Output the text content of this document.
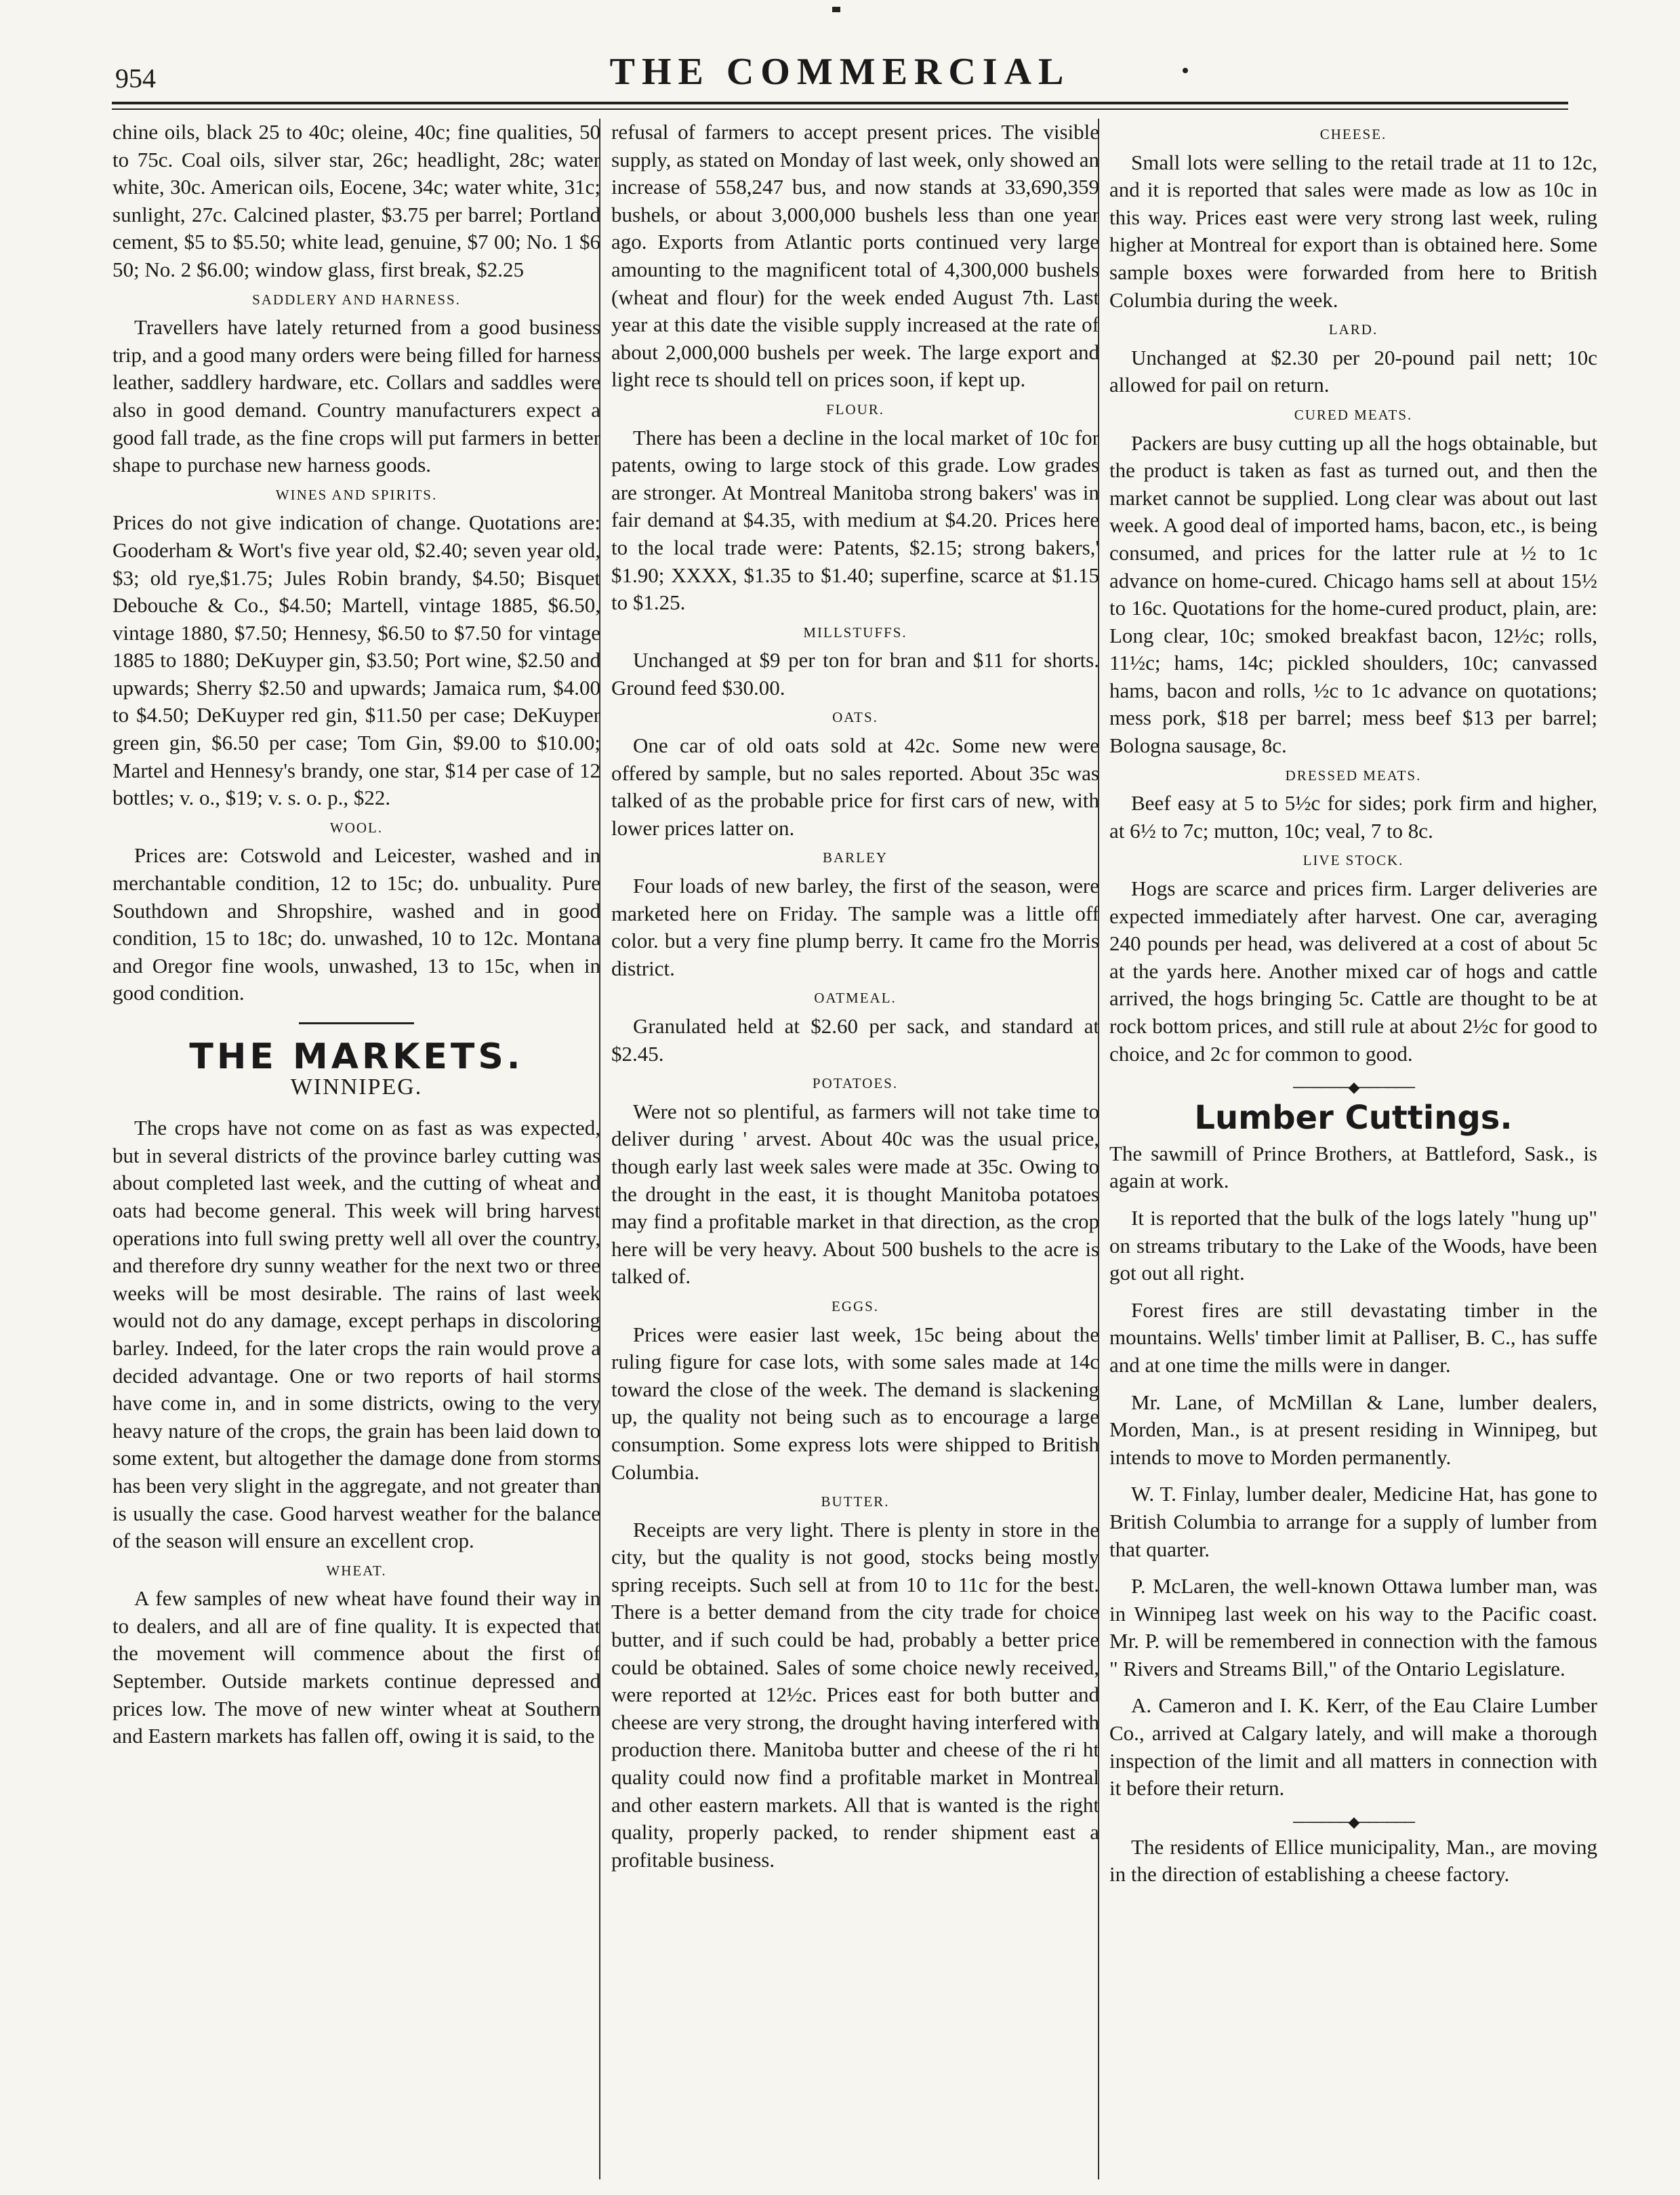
954	THE COMMERCIAL

chine oils, black 25 to 40c; oleine, 40c; fine qualities, 50 to 75c. Coal oils, silver star, 26c; headlight, 28c; water white, 30c. American oils, Eocene, 34c; water white, 31c; sunlight, 27c. Calcined plaster, $3.75 per barrel; Portland cement, $5 to $5.50; white lead, genuine, $7 00; No. 1 $6 50; No. 2 $6.00; window glass, first break, $2.25

SADDLERY AND HARNESS.

Travellers have lately returned from a good business trip, and a good many orders were being filled for harness leather, saddlery hardware, etc. Collars and saddles were also in good demand. Country manufacturers expect a good fall trade, as the fine crops will put farmers in better shape to purchase new harness goods.

WINES AND SPIRITS.

Prices do not give indication of change. Quotations are: Gooderham & Wort's five year old, $2.40; seven year old, $3; old rye,$1.75; Jules Robin brandy, $4.50; Bisquet Debouche & Co., $4.50; Martell, vintage 1885, $6.50, vintage 1880, $7.50; Hennesy, $6.50 to $7.50 for vintage 1885 to 1880; DeKuyper gin, $3.50; Port wine, $2.50 and upwards; Sherry $2.50 and upwards; Jamaica rum, $4.00 to $4.50; DeKuyper red gin, $11.50 per case; DeKuyper green gin, $6.50 per case; Tom Gin, $9.00 to $10.00; Martel and Hennesy's brandy, one star, $14 per case of 12 bottles; v. o., $19; v. s. o. p., $22.

WOOL.

Prices are: Cotswold and Leicester, washed and in merchantable condition, 12 to 15c; do. unbuality. Pure Southdown and Shropshire, washed and in good condition, 15 to 18c; do. unwashed, 10 to 12c. Montana and Oregor fine wools, unwashed, 13 to 15c, when in good condition.

THE MARKETS.
WINNIPEG.

The crops have not come on as fast as was expected, but in several districts of the province barley cutting was about completed last week, and the cutting of wheat and oats had become general. This week will bring harvest operations into full swing pretty well all over the country, and therefore dry sunny weather for the next two or three weeks will be most desirable. The rains of last week would not do any damage, except perhaps in discoloring barley. Indeed, for the later crops the rain would prove a decided advantage. One or two reports of hail storms have come in, and in some districts, owing to the very heavy nature of the crops, the grain has been laid down to some extent, but altogether the damage done from storms has been very slight in the aggregate, and not greater than is usually the case. Good harvest weather for the balance of the season will ensure an excellent crop.

WHEAT.

A few samples of new wheat have found their way in to dealers, and all are of fine quality. It is expected that the movement will commence about the first of September. Outside markets continue depressed and prices low. The move of new winter wheat at Southern and Eastern markets has fallen off, owing it is said, to the

refusal of farmers to accept present prices. The visible supply, as stated on Monday of last week, only showed an increase of 558,247 bus, and now stands at 33,690,359 bushels, or about 3,000,000 bushels less than one year ago. Exports from Atlantic ports continued very large amounting to the magnificent total of 4,300,000 bushels (wheat and flour) for the week ended August 7th. Last year at this date the visible supply increased at the rate of about 2,000,000 bushels per week. The large export and light rece ts should tell on prices soon, if kept up.

FLOUR.

There has been a decline in the local market of 10c for patents, owing to large stock of this grade. Low grades are stronger. At Montreal Manitoba strong bakers' was in fair demand at $4.35, with medium at $4.20. Prices here to the local trade were: Patents, $2.15; strong bakers,' $1.90; XXXX, $1.35 to $1.40; superfine, scarce at $1.15 to $1.25.

MILLSTUFFS.

Unchanged at $9 per ton for bran and $11 for shorts. Ground feed $30.00.

OATS.

One car of old oats sold at 42c. Some new were offered by sample, but no sales reported. About 35c was talked of as the probable price for first cars of new, with lower prices latter on.

BARLEY

Four loads of new barley, the first of the season, were marketed here on Friday. The sample was a little off color. but a very fine plump berry. It came fro the Morris district.

OATMEAL.

Granulated held at $2.60 per sack, and standard at $2.45.

POTATOES.

Were not so plentiful, as farmers will not take time to deliver during ' arvest. About 40c was the usual price, though early last week sales were made at 35c. Owing to the drought in the east, it is thought Manitoba potatoes may find a profitable market in that direction, as the crop here will be very heavy. About 500 bushels to the acre is talked of.

EGGS.

Prices were easier last week, 15c being about the ruling figure for case lots, with some sales made at 14c toward the close of the week. The demand is slackening up, the quality not being such as to encourage a large consumption. Some express lots were shipped to British Columbia.

BUTTER.

Receipts are very light. There is plenty in store in the city, but the quality is not good, stocks being mostly spring receipts. Such sell at from 10 to 11c for the best. There is a better demand from the city trade for choice butter, and if such could be had, probably a better price could be obtained. Sales of some choice newly received, were reported at 12½c. Prices east for both butter and cheese are very strong, the drought having interfered with production there. Manitoba butter and cheese of the ri ht quality could now find a profitable market in Montreal and other eastern markets. All that is wanted is the right quality, properly packed, to render shipment east a profitable business.

CHEESE.

Small lots were selling to the retail trade at 11 to 12c, and it is reported that sales were made as low as 10c in this way. Prices east were very strong last week, ruling higher at Montreal for export than is obtained here. Some sample boxes were forwarded from here to British Columbia during the week.

LARD.

Unchanged at $2.30 per 20-pound pail nett; 10c allowed for pail on return.

CURED MEATS.

Packers are busy cutting up all the hogs obtainable, but the product is taken as fast as turned out, and then the market cannot be supplied. Long clear was about out last week. A good deal of imported hams, bacon, etc., is being consumed, and prices for the latter rule at ½ to 1c advance on home-cured. Chicago hams sell at about 15½ to 16c. Quotations for the home-cured product, plain, are: Long clear, 10c; smoked breakfast bacon, 12½c; rolls, 11½c; hams, 14c; pickled shoulders, 10c; canvassed hams, bacon and rolls, ½c to 1c advance on quotations; mess pork, $18 per barrel; mess beef $13 per barrel; Bologna sausage, 8c.

DRESSED MEATS.

Beef easy at 5 to 5½c for sides; pork firm and higher, at 6½ to 7c; mutton, 10c; veal, 7 to 8c.

LIVE STOCK.

Hogs are scarce and prices firm. Larger deliveries are expected immediately after harvest. One car, averaging 240 pounds per head, was delivered at a cost of about 5c at the yards here. Another mixed car of hogs and cattle arrived, the hogs bringing 5c. Cattle are thought to be at rock bottom prices, and still rule at about 2½c for good to choice, and 2c for common to good.

──────◆──────
Lumber Cuttings.

The sawmill of Prince Brothers, at Battleford, Sask., is again at work.

It is reported that the bulk of the logs lately "hung up" on streams tributary to the Lake of the Woods, have been got out all right.

Forest fires are still devastating timber in the mountains. Wells' timber limit at Palliser, B. C., has suffe and at one time the mills were in danger.

Mr. Lane, of McMillan & Lane, lumber dealers, Morden, Man., is at present residing in Winnipeg, but intends to move to Morden permanently.

W. T. Finlay, lumber dealer, Medicine Hat, has gone to British Columbia to arrange for a supply of lumber from that quarter.

P. McLaren, the well-known Ottawa lumber man, was in Winnipeg last week on his way to the Pacific coast. Mr. P. will be remembered in connection with the famous " Rivers and Streams Bill," of the Ontario Legislature.

A. Cameron and I. K. Kerr, of the Eau Claire Lumber Co., arrived at Calgary lately, and will make a thorough inspection of the limit and all matters in connection with it before their return.

──────◆──────

The residents of Ellice municipality, Man., are moving in the direction of establishing a cheese factory.
